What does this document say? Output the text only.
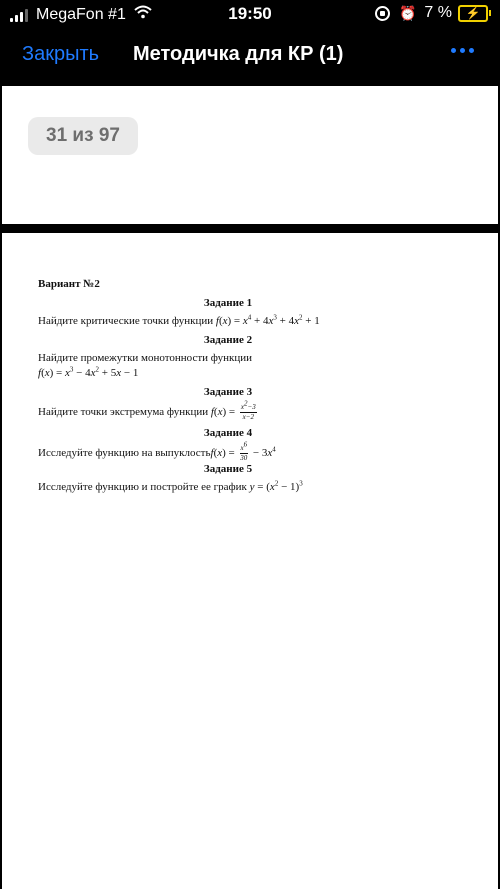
MegaFon #1	19:50	⏰ 7 % ⚡
Закрыть Методичка для КР (1)
31 из 97
Вариант №2
Задание 1
Найдите критические точки функции $f(x) = x^4 + 4x^3 + 4x^2 + 1$
Задание 2
Найдите промежутки монотонности функции
$f(x) = x^3 - 4x^2 + 5x - 1$
Задание 3
Найдите точки экстремума функции $f(x) = \frac{x^2-3}{x-2}$
Задание 4
Исследуйте функцию на выпуклостьf(x) = $\frac{x^6}{30} - 3x^4$
Задание 5
Исследуйте функцию и постройте ее график $y = (x^2 - 1)^3$
